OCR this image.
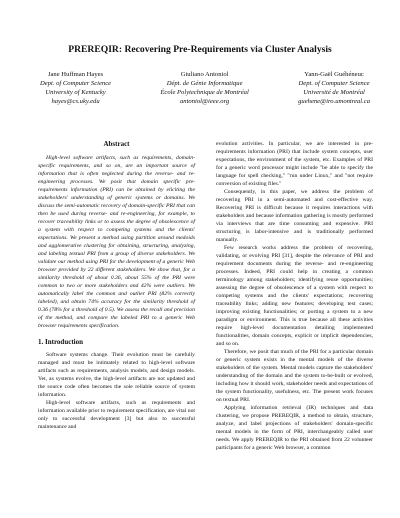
PREREQIR: Recovering Pre-Requirements via Cluster Analysis
Jane Huffman Hayes
Dept. of Computer Science
University of Kentucky
hayes@cs.uky.edu
Giuliano Antoniol
Dépt. de Génie Informatique
École Polytechnique de Montréal
antoniol@ieee.org
Yann-Gaël Guéhéneuc
Dept. of Computer Science
Université de Montréal
guehene@iro.umontreal.ca
Abstract

High-level software artifacts, such as requirements, domain-specific requirements, and so on, are an important source of information that is often neglected during the reverse- and re-engineering processes. We posit that domain specific pre-requirements information (PRI) can be obtained by eliciting the stakeholders' understanding of generic systems or domains. We discuss the semi-automatic recovery of domain-specific PRI that can then be used during reverse- and re-engineering, for example, to recover traceability links or to assess the degree of obsolescence of a system with respect to competing systems and the clients' expectations. We present a method using partition around medoids and agglomerative clustering for obtaining, structuring, analyzing, and labeling textual PRI from a group of diverse stakeholders. We validate our method using PRI for the development of a generic Web browser provided by 22 different stakeholders. We show that, for a similarity threshold of about 0.36, about 55% of the PRI were common to two or more stakeholders and 42% were outliers. We automatically label the common and outlier PRI (82% correctly labeled), and obtain 74% accuracy for the similarity threshold of 0.36 (78% for a threshold of 0.5). We assess the recall and precision of the method, and compare the labeled PRI to a generic Web browser requirements specification.

1. Introduction

Software systems change. Their evolution must be carefully managed and must be intimately related to high-level software artifacts such as requirements, analysis models, and design models. Yet, as systems evolve, the high-level artifacts are not updated and the source code often becomes the sole reliable source of system information.

High-level software artifacts, such as requirements and information available prior to requirement specification, are vital not only to successful development [3] but also to successful maintenance and

evolution activities. In particular, we are interested in pre-requirements information (PRI) that include system concepts, user expectations, the environment of the system, etc. Examples of PRI for a generic word processor might include "be able to specify the language for spell checking," "run under Linux," and "not require conversion of existing files."

Consequently, in this paper, we address the problem of recovering PRI in a semi-automated and cost-effective way. Recovering PRI is difficult because it requires interactions with stakeholders and because information gathering is mostly performed via interviews that are time consuming and expensive. PRI structuring is labor-intensive and is traditionally performed manually.

Few research works address the problem of recovering, validating, or evolving PRI [31], despite the relevance of PRI and requirement documents during the reverse- and re-engineering processes. Indeed, PRI could help in creating a common terminology among stakeholders; identifying reuse opportunities; assessing the degree of obsolescence of a system with respect to competing systems and the clients' expectations; recovering traceability links; adding new features; developing test cases; improving existing functionalities; or porting a system to a new paradigm or environment. This is true because all these activities require high-level documentation detailing implemented functionalities, domain concepts, explicit or implicit dependencies, and so on.

Therefore, we posit that much of the PRI for a particular domain or generic system exists in the mental models of the diverse stakeholders of the system. Mental models capture the stakeholders' understanding of the domain and the system to-be-built or evolved, including how it should work, stakeholder needs and expectations of the system functionality, usefulness, etc. The present work focuses on textual PRI.

Applying information retrieval (IR) techniques and data clustering, we propose PREREQIR, a method to obtain, structure, analyze, and label projections of stakeholders' domain-specific mental models in the form of PRI, interchangeably called user needs. We apply PREREQIR to the PRI obtained from 22 volunteer participants for a generic Web browser, a common
